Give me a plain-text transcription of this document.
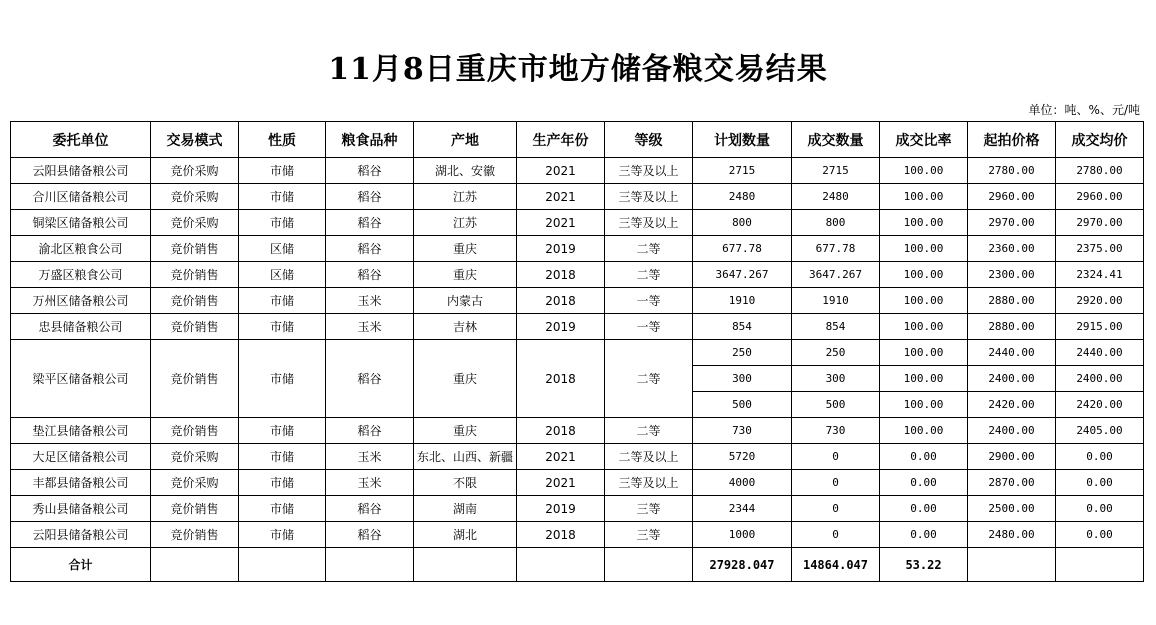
11月8日重庆市地方储备粮交易结果
单位：吨、%、元/吨
委托单位	交易模式	性质	粮食品种	产地	生产年份	等级	计划数量	成交数量	成交比率	起拍价格	成交均价
云阳县储备粮公司	竞价采购	市储	稻谷	湖北、安徽	2021	三等及以上	2715	2715	100.00	2780.00	2780.00
合川区储备粮公司	竞价采购	市储	稻谷	江苏	2021	三等及以上	2480	2480	100.00	2960.00	2960.00
铜梁区储备粮公司	竞价采购	市储	稻谷	江苏	2021	三等及以上	800	800	100.00	2970.00	2970.00
渝北区粮食公司	竞价销售	区储	稻谷	重庆	2019	二等	677.78	677.78	100.00	2360.00	2375.00
万盛区粮食公司	竞价销售	区储	稻谷	重庆	2018	二等	3647.267	3647.267	100.00	2300.00	2324.41
万州区储备粮公司	竞价销售	市储	玉米	内蒙古	2018	一等	1910	1910	100.00	2880.00	2920.00
忠县储备粮公司	竞价销售	市储	玉米	吉林	2019	一等	854	854	100.00	2880.00	2915.00
梁平区储备粮公司	竞价销售	市储	稻谷	重庆	2018	二等	250	250	100.00	2440.00	2440.00
							300	300	100.00	2400.00	2400.00
							500	500	100.00	2420.00	2420.00
垫江县储备粮公司	竞价销售	市储	稻谷	重庆	2018	二等	730	730	100.00	2400.00	2405.00
大足区储备粮公司	竞价采购	市储	玉米	东北、山西、新疆	2021	二等及以上	5720	0	0.00	2900.00	0.00
丰都县储备粮公司	竞价采购	市储	玉米	不限	2021	三等及以上	4000	0	0.00	2870.00	0.00
秀山县储备粮公司	竞价销售	市储	稻谷	湖南	2019	三等	2344	0	0.00	2500.00	0.00
云阳县储备粮公司	竞价销售	市储	稻谷	湖北	2018	三等	1000	0	0.00	2480.00	0.00
合计							27928.047	14864.047	53.22		
